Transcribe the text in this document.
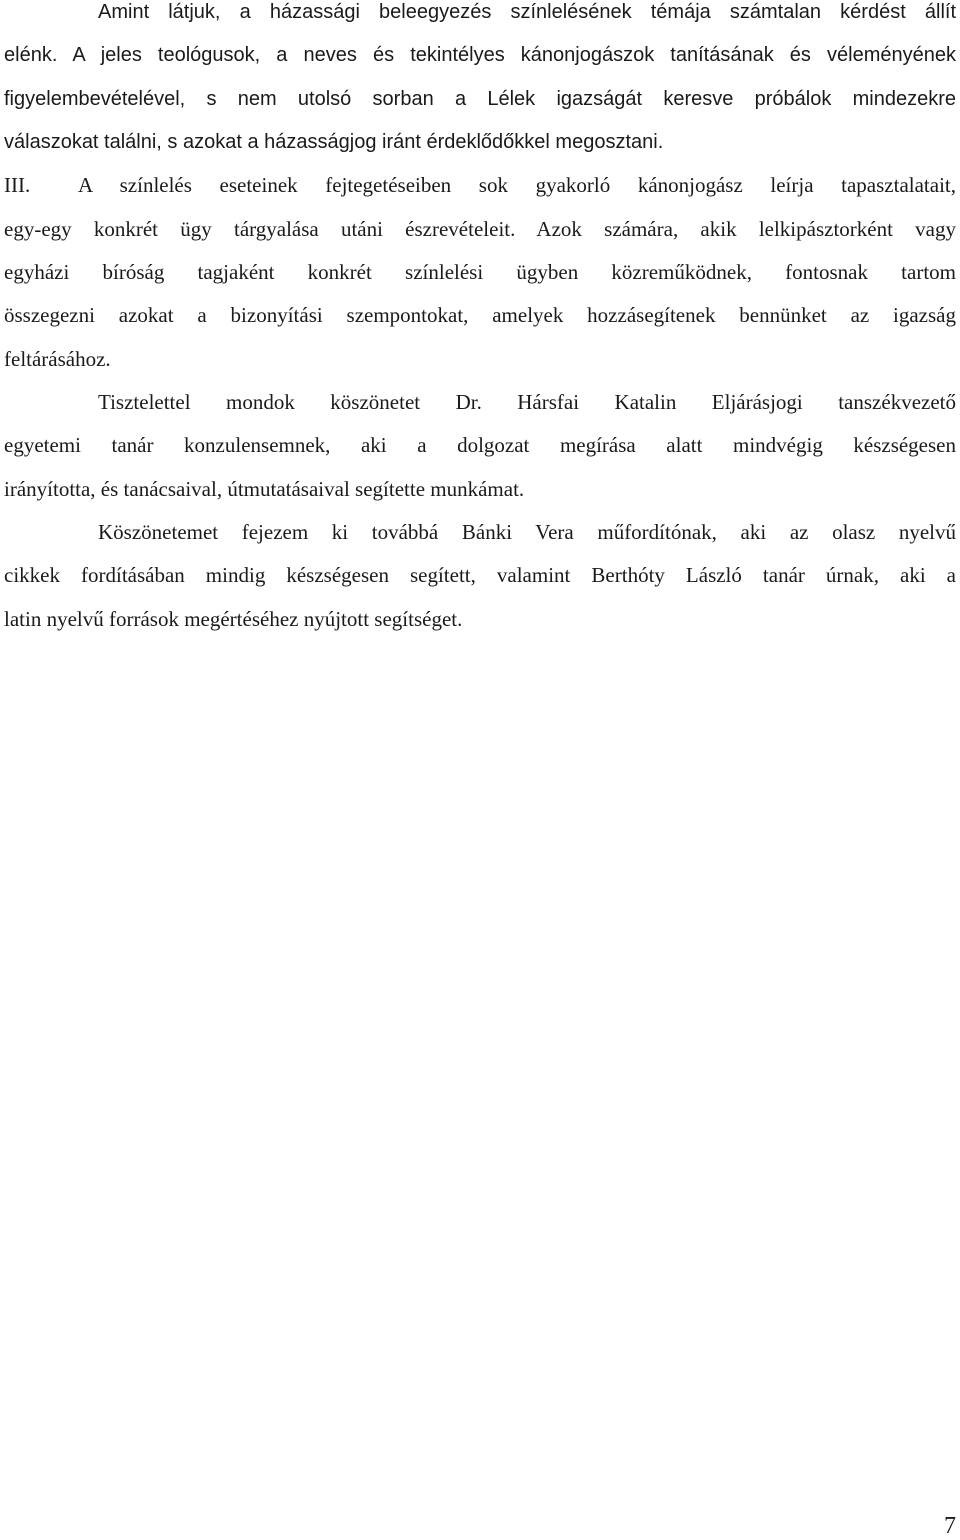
Amint látjuk, a házassági beleegyezés színlelésének témája számtalan kérdést állít
elénk. A jeles teológusok, a neves és tekintélyes kánonjogászok tanításának és véleményének
figyelembevételével, s nem utolsó sorban a Lélek igazságát keresve próbálok mindezekre
válaszokat találni, s azokat a házasságjog iránt érdeklődőkkel megosztani.
III. A színlelés eseteinek fejtegetéseiben sok gyakorló kánonjogász leírja tapasztalatait,
egy-egy konkrét ügy tárgyalása utáni észrevételeit. Azok számára, akik lelkipásztorként vagy
egyházi bíróság tagjaként konkrét színlelési ügyben közreműködnek, fontosnak tartom
összegezni azokat a bizonyítási szempontokat, amelyek hozzásegítenek bennünket az igazság
feltárásához.
Tisztelettel mondok köszönetet Dr. Hársfai Katalin Eljárásjogi tanszékvezető
egyetemi tanár konzulensemnek, aki a dolgozat megírása alatt mindvégig készségesen
irányította, és tanácsaival, útmutatásaival segítette munkámat.
Köszönetemet fejezem ki továbbá Bánki Vera műfordítónak, aki az olasz nyelvű
cikkek fordításában mindig készségesen segített, valamint Berthóty László tanár úrnak, aki a
latin nyelvű források megértéséhez nyújtott segítséget.
7
